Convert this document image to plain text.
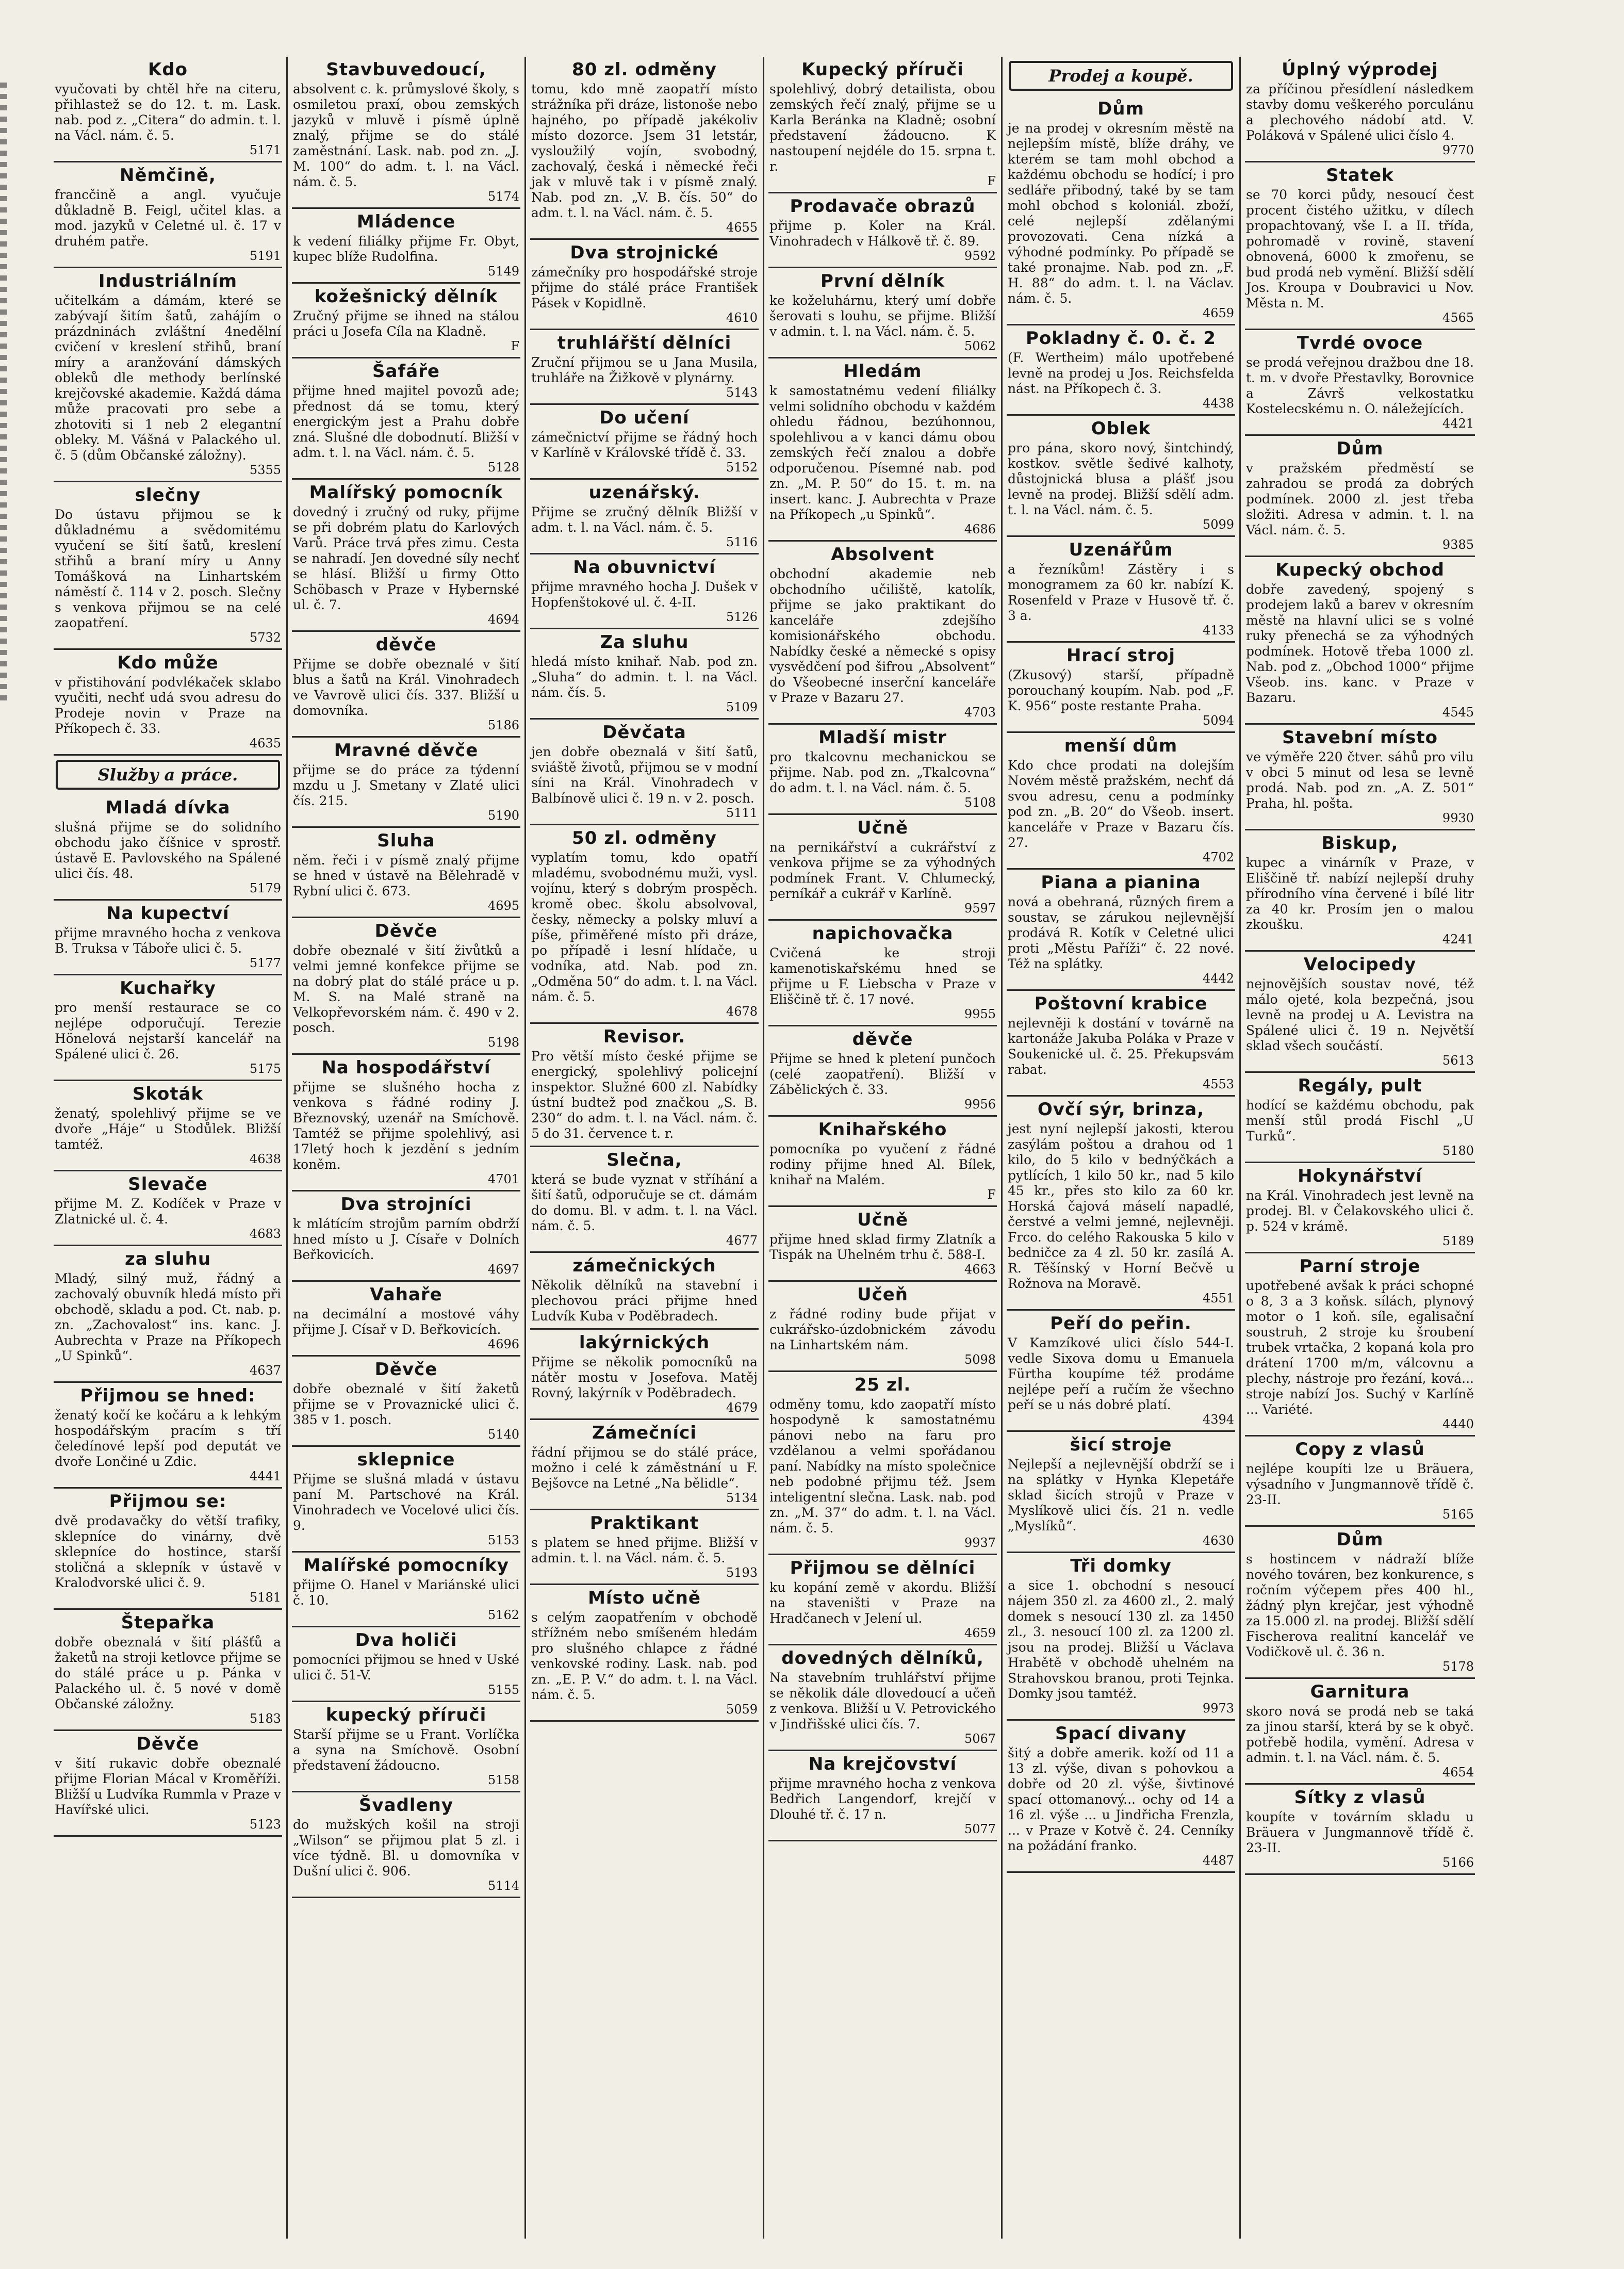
Kdo

vyučovati by chtěl hře na citeru, přihlastež se do 12. t. m. Lask. nab. pod z. „Citera“ do admin. t. l. na Václ. nám. č. 5.

5171
Němčině,

francčině a angl. vyučuje důkladně B. Feigl, učitel klas. a mod. jazyků v Celetné ul. č. 17 v druhém patře.

5191
Industriálním

učitelkám a dámám, které se zabývají šitím šatů, zahájím o prázdninách zvláštní 4nedělní cvičení v kreslení střihů, braní míry a aranžování dámských obleků dle methody berlínské krejčovské akademie. Každá dáma může pracovati pro sebe a zhotoviti si 1 neb 2 elegantní obleky. M. Vášná v Palackého ul. č. 5 (dům Občanské záložny).

5355
slečny

Do ústavu přijmou se k důkladnému a svědomitému vyučení se šití šatů, kreslení střihů a braní míry u Anny Tomášková na Linhartském náměstí č. 114 v 2. posch. Slečny s venkova přijmou se na celé zaopatření.

5732
Kdo může

v přistihování podvlékaček sklabo vyučiti, nechť udá svou adresu do Prodeje novin v Praze na Příkopech č. 33.

4635
Služby a práce.
Mladá dívka

slušná přijme se do solidního obchodu jako číšnice v sprostř. ústavě E. Pavlovského na Spálené ulici čís. 48.

5179
Na kupectví

přijme mravného hocha z venkova B. Truksa v Táboře ulici č. 5.

5177
Kuchařky

pro menší restaurace se co nejlépe odporučují. Terezie Hönelová nejstarší kancelář na Spálené ulici č. 26.

5175
Skoták

ženatý, spolehlivý přijme se ve dvoře „Háje“ u Stodůlek. Bližší tamtéž.

4638
Slevače

přijme M. Z. Kodíček v Praze v Zlatnické ul. č. 4.

4683
za sluhu

Mladý, silný muž, řádný a zachovalý obuvník hledá místo při obchodě, skladu a pod. Ct. nab. p. zn. „Zachovalost“ ins. kanc. J. Aubrechta v Praze na Příkopech „U Spinků“.

4637
Přijmou se hned:

ženatý kočí ke kočáru a k lehkým hospodářským pracím s tří čeledínové lepší pod deputát ve dvoře Lončiné u Zdic.

4441
Přijmou se:

dvě prodavačky do větší trafiky, sklepníce do vinárny, dvě sklepníce do hostince, starší stoličná a sklepník v ústavě v Kralodvorské ulici č. 9.

5181
Štepařka

dobře obeznalá v šití plášťů a žaketů na stroji ketlovce přijme se do stálé práce u p. Pánka v Palackého ul. č. 5 nové v domě Občanské záložny.

5183
Děvče

v šití rukavic dobře obeznalé přijme Florian Mácal v Kroměříži. Bližší u Ludvíka Rummla v Praze v Havířské ulici.

5123
Stavbuvedoucí,

absolvent c. k. průmyslové školy, s osmiletou praxí, obou zemských jazyků v mluvě i písmě úplně znalý, přijme se do stálé zaměstnání. Lask. nab. pod zn. „J. M. 100“ do adm. t. l. na Václ. nám. č. 5.

5174
Mládence

k vedení filiálky přijme Fr. Obyt, kupec blíže Rudolfina.

5149
kožešnický dělník

Zručný přijme se ihned na stálou práci u Josefa Cíla na Kladně.

F
Šafáře

přijme hned majitel povozů ade; přednost dá se tomu, který energickým jest a Prahu dobře zná. Slušné dle dobodnutí. Bližší v adm. t. l. na Václ. nám. č. 5.

5128
Malířský pomocník

dovedný i zručný od ruky, přijme se při dobrém platu do Karlových Varů. Práce trvá přes zimu. Cesta se nahradí. Jen dovedné síly nechť se hlásí. Bližší u firmy Otto Schöbasch v Praze v Hybernské ul. č. 7.

4694
děvče

Přijme se dobře obeznalé v šití blus a šatů na Král. Vinohradech ve Vavrově ulici čís. 337. Bližší u domovníka.

5186
Mravné děvče

přijme se do práce za týdenní mzdu u J. Smetany v Zlaté ulici čís. 215.

5190
Sluha

něm. řeči i v písmě znalý přijme se hned v ústavě na Bělehradě v Rybní ulici č. 673.

4695
Děvče

dobře obeznalé v šití živůtků a velmi jemné konfekce přijme se na dobrý plat do stálé práce u p. M. S. na Malé straně na Velkopřevorském nám. č. 490 v 2. posch.

5198
Na hospodářství

přijme se slušného hocha z venkova s řádné rodiny J. Březnovský, uzenář na Smíchově. Tamtéž se přijme spolehlivý, asi 17letý hoch k jezdění s jedním koněm.

4701
Dva strojníci

k mlátícím strojům parním obdrží hned místo u J. Císaře v Dolních Beřkovicích.

4697
Vahaře

na decimální a mostové váhy přijme J. Císař v D. Beřkovicích.

4696
Děvče

dobře obeznalé v šití žaketů přijme se v Provaznické ulici č. 385 v 1. posch.

5140
sklepnice

Přijme se slušná mladá v ústavu paní M. Partschové na Král. Vinohradech ve Vocelové ulici čís. 9.

5153
Malířské pomocníky

přijme O. Hanel v Mariánské ulici č. 10.

5162
Dva holiči

pomocníci přijmou se hned v Uské ulici č. 51-V.

5155
kupecký příruči

Starší přijme se u Frant. Vorlíčka a syna na Smíchově. Osobní představení žádoucno.

5158
Švadleny

do mužských košil na stroji „Wilson“ se přijmou plat 5 zl. i více týdně. Bl. u domovníka v Dušní ulici č. 906.

5114
80 zl. odměny

tomu, kdo mně zaopatří místo strážníka při dráze, listonoše nebo hajného, po případě jakékoliv místo dozorce. Jsem 31 letstár, vysloužilý vojín, svobodný, zachovalý, česká i německé řeči jak v mluvě tak i v písmě znalý. Nab. pod zn. „V. B. čís. 50“ do adm. t. l. na Václ. nám. č. 5.

4655
Dva strojnické

zámečníky pro hospodářské stroje přijme do stálé práce František Pásek v Kopidlně.

4610
truhlářští dělníci

Zruční přijmou se u Jana Musila, truhláře na Žižkově v plynárny.

5143
Do učení

zámečnictví přijme se řádný hoch v Karlíně v Královské třídě č. 33.

5152
uzenářský.

Přijme se zručný dělník Bližší v adm. t. l. na Václ. nám. č. 5.

5116
Na obuvnictví

přijme mravného hocha J. Dušek v Hopfenštokové ul. č. 4-II.

5126
Za sluhu

hledá místo knihař. Nab. pod zn. „Sluha“ do admin. t. l. na Václ. nám. čís. 5.

5109
Děvčata

jen dobře obeznalá v šití šatů, sviáště životů, přijmou se v modní síni na Král. Vinohradech v Balbínově ulici č. 19 n. v 2. posch.

5111
50 zl. odměny

vyplatím tomu, kdo opatří mladému, svobodnému muži, vysl. vojínu, který s dobrým prospěch. kromě obec. školu absolvoval, česky, německy a polsky mluví a píše, přiměřené místo při dráze, po případě i lesní hlídače, u vodníka, atd. Nab. pod zn. „Odměna 50“ do adm. t. l. na Václ. nám. č. 5.

4678
Revisor.

Pro větší místo české přijme se energický, spolehlivý policejní inspektor. Služné 600 zl. Nabídky ústní budtež pod značkou „S. B. 230“ do adm. t. l. na Václ. nám. č. 5 do 31. července t. r.

Slečna,

která se bude vyznat v stříhání a šití šatů, odporučuje se ct. dámám do domu. Bl. v adm. t. l. na Václ. nám. č. 5.

4677
zámečnických

Několik dělníků na stavební i plechovou práci přijme hned Ludvík Kuba v Poděbradech.

lakýrnických

Přijme se několik pomocníků na nátěr mostu v Josefova. Matěj Rovný, lakýrník v Poděbradech.

4679
Zámečníci

řádní přijmou se do stálé práce, možno i celé k záměstnání u F. Bejšovce na Letné „Na bělidle“.

5134
Praktikant

s platem se hned přijme. Bližší v admin. t. l. na Václ. nám. č. 5.

5193
Místo učně

s celým zaopatřením v obchodě střížném nebo smíšeném hledám pro slušného chlapce z řádné venkovské rodiny. Lask. nab. pod zn. „E. P. V.“ do adm. t. l. na Václ. nám. č. 5.

5059
Kupecký příruči

spolehlivý, dobrý detailista, obou zemských řečí znalý, přijme se u Karla Beránka na Kladně; osobní představení žádoucno. K nastoupení nejdéle do 15. srpna t. r.

F
Prodavače obrazů

přijme p. Koler na Král. Vinohradech v Hálkově tř. č. 89.

9592
První dělník

ke koželuhárnu, který umí dobře šerovati s louhu, se přijme. Bližší v admin. t. l. na Václ. nám. č. 5.

5062
Hledám

k samostatnému vedení filiálky velmi solidního obchodu v každém ohledu řádnou, bezúhonnou, spolehlivou a v kanci dámu obou zemských řečí znalou a dobře odporučenou. Písemné nab. pod zn. „M. P. 50“ do 15. t. m. na insert. kanc. J. Aubrechta v Praze na Příkopech „u Spinků“.

4686
Absolvent

obchodní akademie neb obchodního učiliště, katolík, přijme se jako praktikant do kanceláře zdejšího komisionářského obchodu. Nabídky české a německé s opisy vysvědčení pod šifrou „Absolvent“ do Všeobecné inserční kanceláře v Praze v Bazaru 27.

4703
Mladší mistr

pro tkalcovnu mechanickou se přijme. Nab. pod zn. „Tkalcovna“ do adm. t. l. na Václ. nám. č. 5.

5108
Učně

na pernikářství a cukrářství z venkova přijme se za výhodných podmínek Frant. V. Chlumecký, perníkář a cukrář v Karlíně.

9597
napichovačka

Cvičená ke stroji kamenotiskařskému hned se přijme u F. Liebscha v Praze v Eliščině tř. č. 17 nové.

9955
děvče

Přijme se hned k pletení punčoch (celé zaopatření). Bližší v Zábělických č. 33.

9956
Knihařského

pomocníka po vyučení z řádné rodiny přijme hned Al. Bílek, knihař na Malém.

F
Učně

přijme hned sklad firmy Zlatník a Tispák na Uhelném trhu č. 588-I.

4663
Učeň

z řádné rodiny bude přijat v cukrářsko-úzdobnickém závodu na Linhartském nám.

5098
25 zl.

odměny tomu, kdo zaopatří místo hospodyně k samostatnému pánovi nebo na faru pro vzdělanou a velmi spořádanou paní. Nabídky na místo společnice neb podobné přijmu též. Jsem inteligentní slečna. Lask. nab. pod zn. „M. 37“ do adm. t. l. na Václ. nám. č. 5.

9937
Přijmou se dělníci

ku kopání země v akordu. Bližší na staveništi v Praze na Hradčanech v Jelení ul.

4659
dovedných dělníků,

Na stavebním truhlářství přijme se několik dále dlovedoucí a učeň z venkova. Bližší u V. Petrovického v Jindřišské ulici čís. 7.

5067
Na krejčovství

přijme mravného hocha z venkova Bedřich Langendorf, krejčí v Dlouhé tř. č. 17 n.

5077
Prodej a koupě.
Dům

je na prodej v okresním městě na nejlepším místě, blíže dráhy, ve kterém se tam mohl obchod a každému obchodu se hodící; i pro sedláře přibodný, také by se tam mohl obchod s koloniál. zboží, celé nejlepší zdělanými provozovati. Cena nízká a výhodné podmínky. Po případě se také pronajme. Nab. pod zn. „F. H. 88“ do adm. t. l. na Václav. nám. č. 5.

4659
Pokladny č. 0. č. 2

(F. Wertheim) málo upotřebené levně na prodej u Jos. Reichsfelda nást. na Příkopech č. 3.

4438
Oblek

pro pána, skoro nový, šintchindý, kostkov. světle šedivé kalhoty, důstojnická blusa a plášť jsou levně na prodej. Bližší sdělí adm. t. l. na Václ. nám. č. 5.

5099
Uzenářům

a řezníkům! Zástěry i s monogramem za 60 kr. nabízí K. Rosenfeld v Praze v Husově tř. č. 3 a.

4133
Hrací stroj

(Zkusový) starší, případně porouchaný koupím. Nab. pod „F. K. 956“ poste restante Praha.

5094
menší dům

Kdo chce prodati na dolejším Novém městě pražském, nechť dá svou adresu, cenu a podmínky pod zn. „B. 20“ do Všeob. insert. kanceláře v Praze v Bazaru čís. 27.

4702
Piana a pianina

nová a obehraná, různých firem a soustav, se zárukou nejlevnější prodává R. Kotík v Celetné ulici proti „Městu Paříži“ č. 22 nové. Též na splátky.

4442
Poštovní krabice

nejlevněji k dostání v továrně na kartonáže Jakuba Poláka v Praze v Soukenické ul. č. 25. Překupsvám rabat.

4553
Ovčí sýr, brinza,

jest nyní nejlepší jakosti, kterou zasýlám poštou a drahou od 1 kilo, do 5 kilo v bednýčkách a pytlících, 1 kilo 50 kr., nad 5 kilo 45 kr., přes sto kilo za 60 kr. Horská čajová máselí napadlé, čerstvé a velmi jemné, nejlevněji. Frco. do celého Rakouska 5 kilo v bedničce za 4 zl. 50 kr. zasílá A. R. Těšínský v Horní Bečvě u Rožnova na Moravě.

4551
Peří do peřin.

V Kamzíkové ulici číslo 544-I. vedle Sixova domu u Emanuela Fürtha koupíme též prodáme nejlépe peří a ručím že všechno peří se u nás dobré platí.

4394
šicí stroje

Nejlepší a nejlevnější obdrží se i na splátky v Hynka Klepetáře sklad šicích strojů v Praze v Myslíkově ulici čís. 21 n. vedle „Myslíků“.

4630
Tři domky

a sice 1. obchodní s nesoucí nájem 350 zl. za 4600 zl., 2. malý domek s nesoucí 130 zl. za 1450 zl., 3. nesoucí 100 zl. za 1200 zl. jsou na prodej. Bližší u Václava Hrabětě v obchodě uhelném na Strahovskou branou, proti Tejnka. Domky jsou tamtéž.

9973
Spací divany

šitý a dobře amerik. koží od 11 a 13 zl. výše, divan s pohovkou a dobře od 20 zl. výše, šivtinové spací ottomanový... ochy od 14 a 16 zl. výše ... u Jindřicha Frenzla, ... v Praze v Kotvě č. 24. Cenníky na požádání franko.

4487
Úplný výprodej

za příčinou přesídlení následkem stavby domu veškerého porculánu a plechového nádobí atd. V. Poláková v Spálené ulici číslo 4.

9770
Statek

se 70 korci půdy, nesoucí čest procent čistého užitku, v dílech propachtovaný, vše I. a II. třída, pohromadě v rovině, stavení obnovená, 6000 k zmořenu, se bud prodá neb vymění. Bližší sdělí Jos. Kroupa v Doubravici u Nov. Města n. M.

4565
Tvrdé ovoce

se prodá veřejnou dražbou dne 18. t. m. v dvoře Přestavlky, Borovnice a Závrš velkostatku Kostelecskému n. O. náležejících.

4421
Dům

v pražském předměstí se zahradou se prodá za dobrých podmínek. 2000 zl. jest třeba složiti. Adresa v admin. t. l. na Václ. nám. č. 5.

9385
Kupecký obchod

dobře zavedený, spojený s prodejem laků a barev v okresním městě na hlavní ulici se s volné ruky přenechá se za výhodných podmínek. Hotově třeba 1000 zl. Nab. pod z. „Obchod 1000“ přijme Všeob. ins. kanc. v Praze v Bazaru.

4545
Stavební místo

ve výměře 220 čtver. sáhů pro vilu v obci 5 minut od lesa se levně prodá. Nab. pod zn. „A. Z. 501“ Praha, hl. pošta.

9930
Biskup,

kupec a vinárník v Praze, v Eliščině tř. nabízí nejlepší druhy přírodního vína červené i bílé litr za 40 kr. Prosím jen o malou zkoušku.

4241
Velocipedy

nejnovějších soustav nové, též málo ojeté, kola bezpečná, jsou levně na prodej u A. Levistra na Spálené ulici č. 19 n. Největší sklad všech součástí.

5613
Regály, pult

hodící se každému obchodu, pak menší stůl prodá Fischl „U Turků“.

5180
Hokynářství

na Král. Vinohradech jest levně na prodej. Bl. v Čelakovského ulici č. p. 524 v krámě.

5189
Parní stroje

upotřebené avšak k práci schopné o 8, 3 a 3 koňsk. sílách, plynový motor o 1 koň. síle, egalisační soustruh, 2 stroje ku šroubení trubek vrtačka, 2 kopaná kola pro drátení 1700 m/m, válcovnu a plechy, nástroje pro řezání, ková... stroje nabízí Jos. Suchý v Karlíně ... Variété.

4440
Copy z vlasů

nejlépe koupíti lze u Bräuera, výsadního v Jungmannově třídě č. 23-II.

5165
Dům

s hostincem v nádraží blíže nového továren, bez konkurence, s ročním výčepem přes 400 hl., žádný plyn krejčar, jest výhodně za 15.000 zl. na prodej. Bližší sdělí Fischerova realitní kancelář ve Vodičkově ul. č. 36 n.

5178
Garnitura

skoro nová se prodá neb se taká za jinou starší, která by se k obyč. potřebě hodila, vymění. Adresa v admin. t. l. na Václ. nám. č. 5.

4654
Sítky z vlasů

koupíte v továrním skladu u Bräuera v Jungmannově třídě č. 23-II.

5166
